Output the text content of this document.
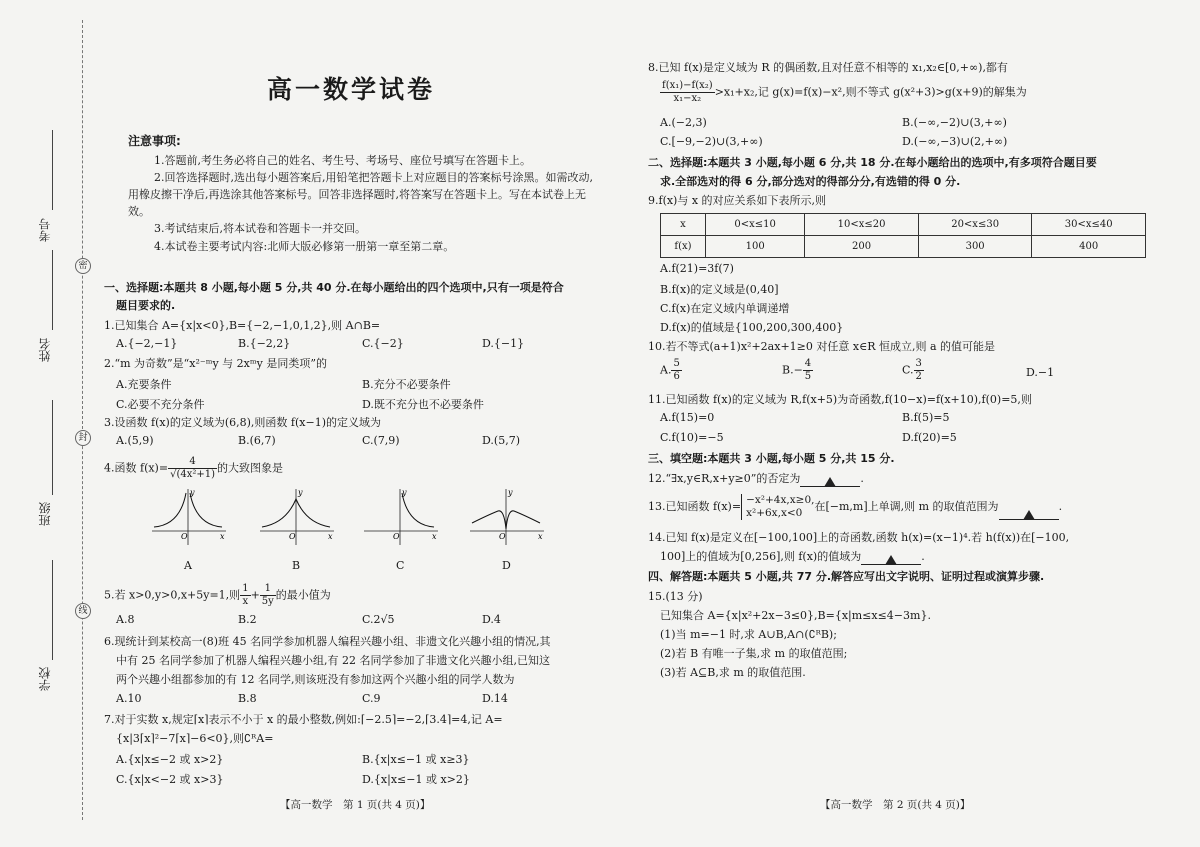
考号
密
姓名
封
班级
线
学校
高一数学试卷
注意事项:

1.答题前,考生务必将自己的姓名、考生号、考场号、座位号填写在答题卡上。

2.回答选择题时,选出每小题答案后,用铅笔把答题卡上对应题目的答案标号涂黑。如需改动,用橡皮擦干净后,再选涂其他答案标号。回答非选择题时,将答案写在答题卡上。写在本试卷上无效。

3.考试结束后,将本试卷和答题卡一并交回。

4.本试卷主要考试内容:北师大版必修第一册第一章至第二章。

一、选择题:本题共 8 小题,每小题 5 分,共 40 分.在每小题给出的四个选项中,只有一项是符合
题目要求的.
1.已知集合 A={x|x<0},B={−2,−1,0,1,2},则 A∩B=
A.{−2,−1}	B.{−2,2}	C.{−2}	D.{−1}
2.“m 为奇数”是“x²⁻ᵐy 与 2xᵐy 是同类项”的
A.充要条件	B.充分不必要条件
C.必要不充分条件	D.既不充分也不必要条件
3.设函数 f(x)的定义域为(6,8),则函数 f(x−1)的定义域为
A.(5,9)	B.(6,7)	C.(7,9)	D.(5,7)
4.函数 $f(x)= \frac{4}{\text{√(4x²+1)}}$ 的大致图象是
y
x
O
y
x
O
y
x
O
y
x
O
A	B	C	D
5.若 x>0,y>0,x+5y=1,则 $\frac{1}{x} + \frac{1}{5y}$ 的最小值为
A.8	B.2	C.2√5	D.4
6.现统计到某校高一(8)班 45 名同学参加机器人编程兴趣小组、非遗文化兴趣小组的情况,其
中有 25 名同学参加了机器人编程兴趣小组,有 22 名同学参加了非遗文化兴趣小组,已知这
两个兴趣小组都参加的有 12 名同学,则该班没有参加这两个兴趣小组的同学人数为
A.10	B.8	C.9	D.14
7.对于实数 x,规定⌈x⌉表示不小于 x 的最小整数,例如:⌈−2.5⌉=−2,⌈3.4⌉=4,记 A=
{x|3⌈x⌉²−7⌈x⌉−6<0},则∁ᴿA=
A.{x|x≤−2 或 x>2}	B.{x|x≤−1 或 x≥3}
C.{x|x<−2 或 x>3}	D.{x|x≤−1 或 x>2}
【高一数学　第 1 页(共 4 页)】
8.已知 f(x)是定义域为 R 的偶函数,且对任意不相等的 x₁,x₂∈[0,+∞),都有
$\frac{\text{f(x₁)−f(x₂)}}{\text{x₁−x₂}} >x_1+x_2$,记 g(x)=f(x)−x²,则不等式 g(x²+3)>g(x+9)的解集为
A.(−2,3)	B.(−∞,−2)∪(3,+∞)
C.[−9,−2)∪(3,+∞)	D.(−∞,−3)∪(2,+∞)
二、选择题:本题共 3 小题,每小题 6 分,共 18 分.在每小题给出的选项中,有多项符合题目要
求.全部选对的得 6 分,部分选对的得部分分,有选错的得 0 分.
9.f(x)与 x 的对应关系如下表所示,则
x	0<x≤10	10<x≤20	20<x≤30	30<x≤40
f(x)	100	200	300	400
A.f(21)=3f(7)
B.f(x)的定义域是(0,40]
C.f(x)在定义域内单调递增
D.f(x)的值域是{100,200,300,400}
10.若不等式(a+1)x²+2ax+1≥0 对任意 x∈R 恒成立,则 a 的值可能是
A. $\frac{5}{6}$	$B.- \frac{4}{5}$	C. $\frac{3}{2}$	D.−1
11.已知函数 f(x)的定义域为 R,f(x+5)为奇函数,f(10−x)=f(x+10),f(0)=5,则
A.f(15)=0	B.f(5)=5
C.f(10)=−5	D.f(20)=5
三、填空题:本题共 3 小题,每小题 5 分,共 15 分.
12.“∃x,y∈R,x+y≥0”的否定为	.
13.已知函数 f(x)= −x²+4x,x≥0,
x²+6x,x<0	在[−m,m]上单调,则 m 的取值范围为	.
14.已知 f(x)是定义在[−100,100]上的奇函数,函数 h(x)=(x−1)⁴.若 h(f(x))在[−100,
100]上的值域为[0,256],则 f(x)的值域为	.
四、解答题:本题共 5 小题,共 77 分.解答应写出文字说明、证明过程或演算步骤.
15.(13 分)
已知集合 A={x|x²+2x−3≤0},B={x|m≤x≤4−3m}.
(1)当 m=−1 时,求 A∪B,A∩(∁ᴿB);
(2)若 B 有唯一子集,求 m 的取值范围;
(3)若 A⊆B,求 m 的取值范围.
【高一数学　第 2 页(共 4 页)】
